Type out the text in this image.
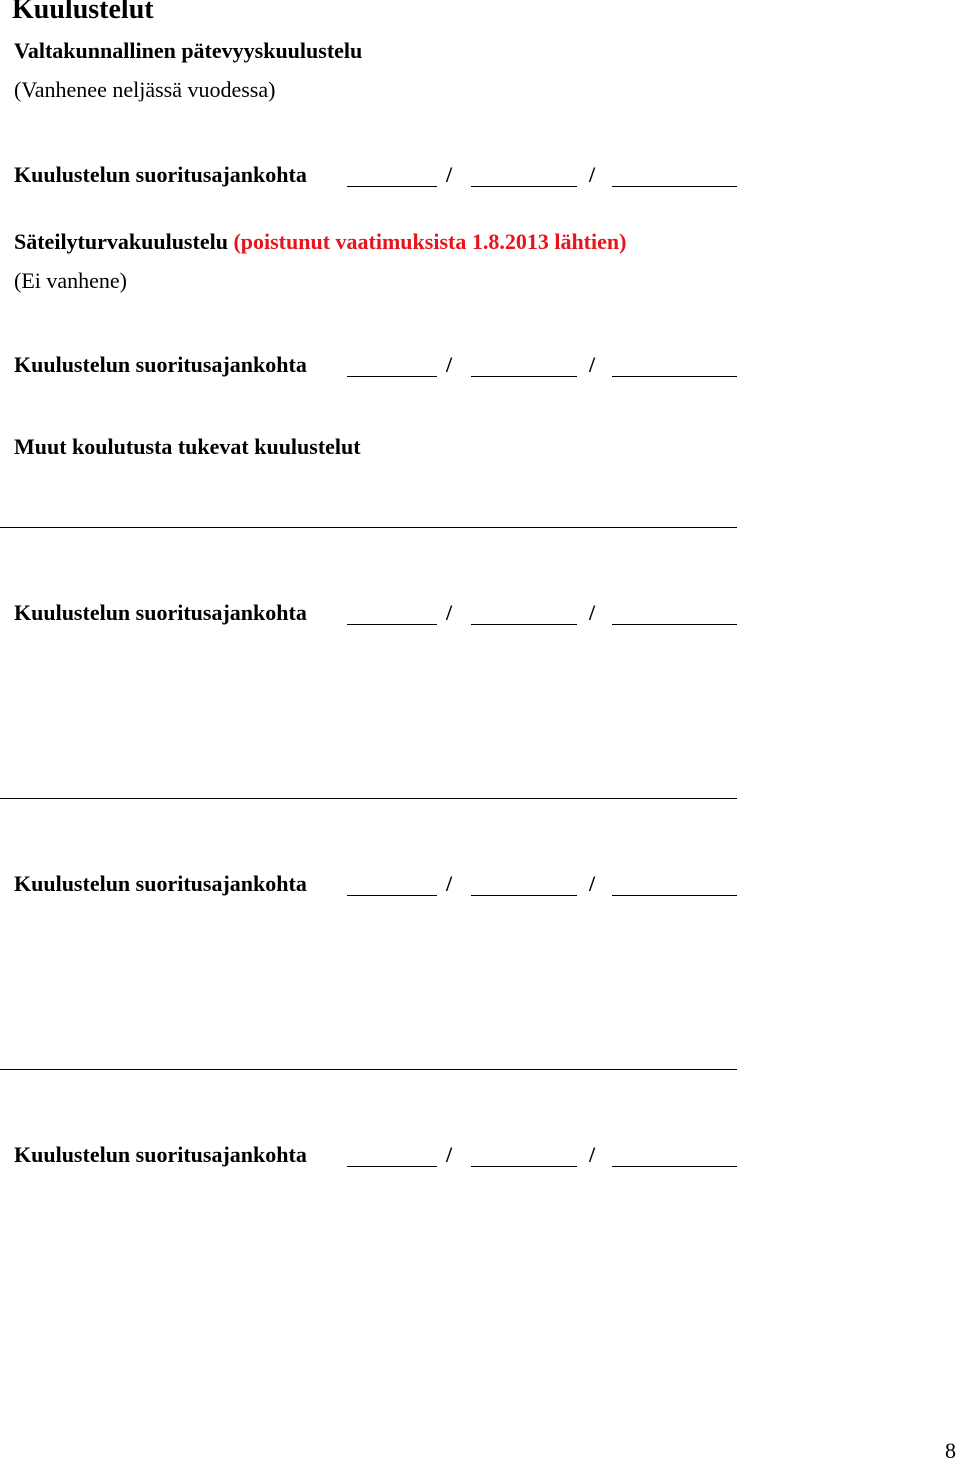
Kuulustelut
Valtakunnallinen pätevyyskuulustelu
(Vanhenee neljässä vuodessa)
Kuulustelun suoritusajankohta	/	/
Säteilyturvakuulustelu (poistunut vaatimuksista 1.8.2013 lähtien)
(Ei vanhene)
Kuulustelun suoritusajankohta	/	/
Muut koulutusta tukevat kuulustelut
Kuulustelun suoritusajankohta	/	/
Kuulustelun suoritusajankohta	/	/
Kuulustelun suoritusajankohta	/	/
8
